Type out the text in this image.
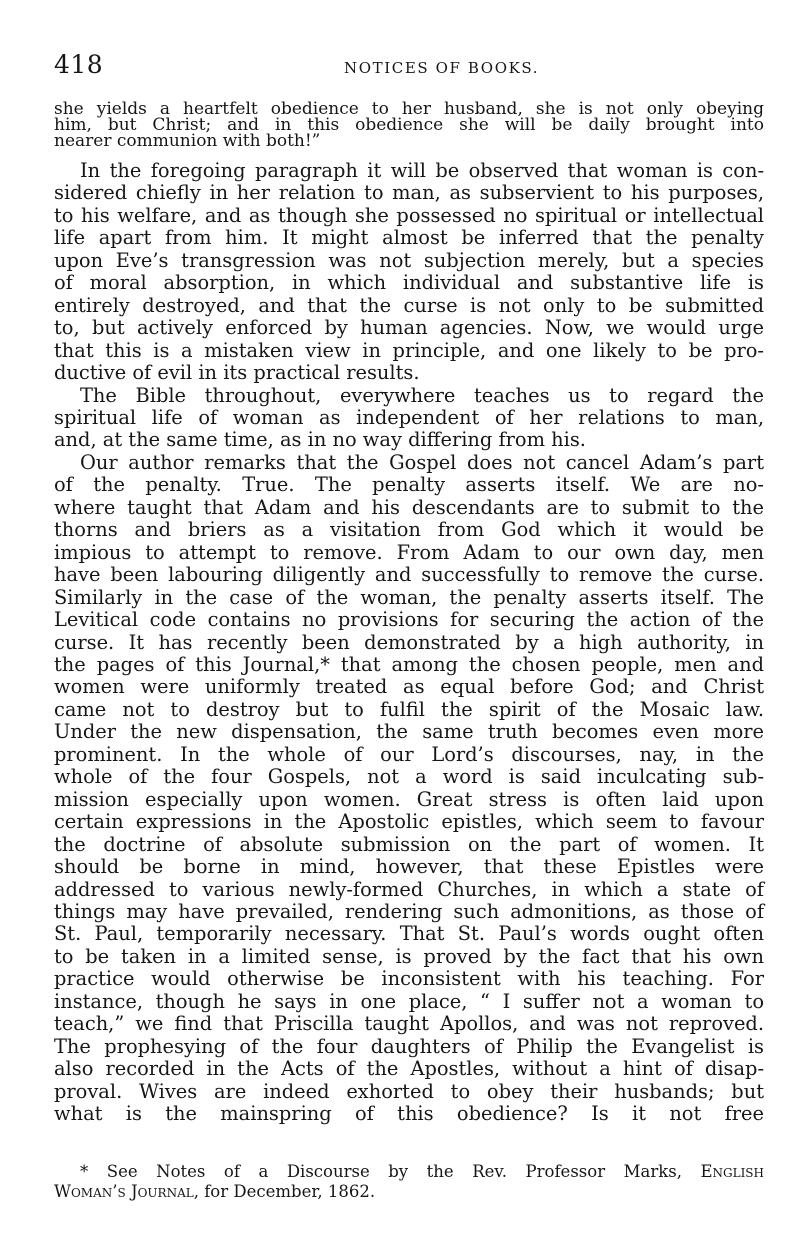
418	NOTICES OF BOOKS.
she yields a heartfelt obedience to her husband, she is not only obeying
him, but Christ; and in this obedience she will be daily brought into
nearer communion with both!”
In the foregoing paragraph it will be observed that woman is con-
sidered chiefly in her relation to man, as subservient to his purposes,
to his welfare, and as though she possessed no spiritual or intellectual
life apart from him. It might almost be inferred that the penalty
upon Eve’s transgression was not subjection merely, but a species
of moral absorption, in which individual and substantive life is
entirely destroyed, and that the curse is not only to be submitted
to, but actively enforced by human agencies. Now, we would urge
that this is a mistaken view in principle, and one likely to be pro-
ductive of evil in its practical results.
The Bible throughout, everywhere teaches us to regard the
spiritual life of woman as independent of her relations to man,
and, at the same time, as in no way differing from his.
Our author remarks that the Gospel does not cancel Adam’s part
of the penalty. True. The penalty asserts itself. We are no-
where taught that Adam and his descendants are to submit to the
thorns and briers as a visitation from God which it would be
impious to attempt to remove. From Adam to our own day, men
have been labouring diligently and successfully to remove the curse.
Similarly in the case of the woman, the penalty asserts itself. The
Levitical code contains no provisions for securing the action of the
curse. It has recently been demonstrated by a high authority, in
the pages of this Journal,* that among the chosen people, men and
women were uniformly treated as equal before God; and Christ
came not to destroy but to fulfil the spirit of the Mosaic law.
Under the new dispensation, the same truth becomes even more
prominent. In the whole of our Lord’s discourses, nay, in the
whole of the four Gospels, not a word is said inculcating sub-
mission especially upon women. Great stress is often laid upon
certain expressions in the Apostolic epistles, which seem to favour
the doctrine of absolute submission on the part of women. It
should be borne in mind, however, that these Epistles were
addressed to various newly-formed Churches, in which a state of
things may have prevailed, rendering such admonitions, as those of
St. Paul, temporarily necessary. That St. Paul’s words ought often
to be taken in a limited sense, is proved by the fact that his own
practice would otherwise be inconsistent with his teaching. For
instance, though he says in one place, “ I suffer not a woman to
teach,” we find that Priscilla taught Apollos, and was not reproved.
The prophesying of the four daughters of Philip the Evangelist is
also recorded in the Acts of the Apostles, without a hint of disap-
proval. Wives are indeed exhorted to obey their husbands; but
what is the mainspring of this obedience? Is it not free
* See Notes of a Discourse by the Rev. Professor Marks, English
Woman’s Journal, for December, 1862.
